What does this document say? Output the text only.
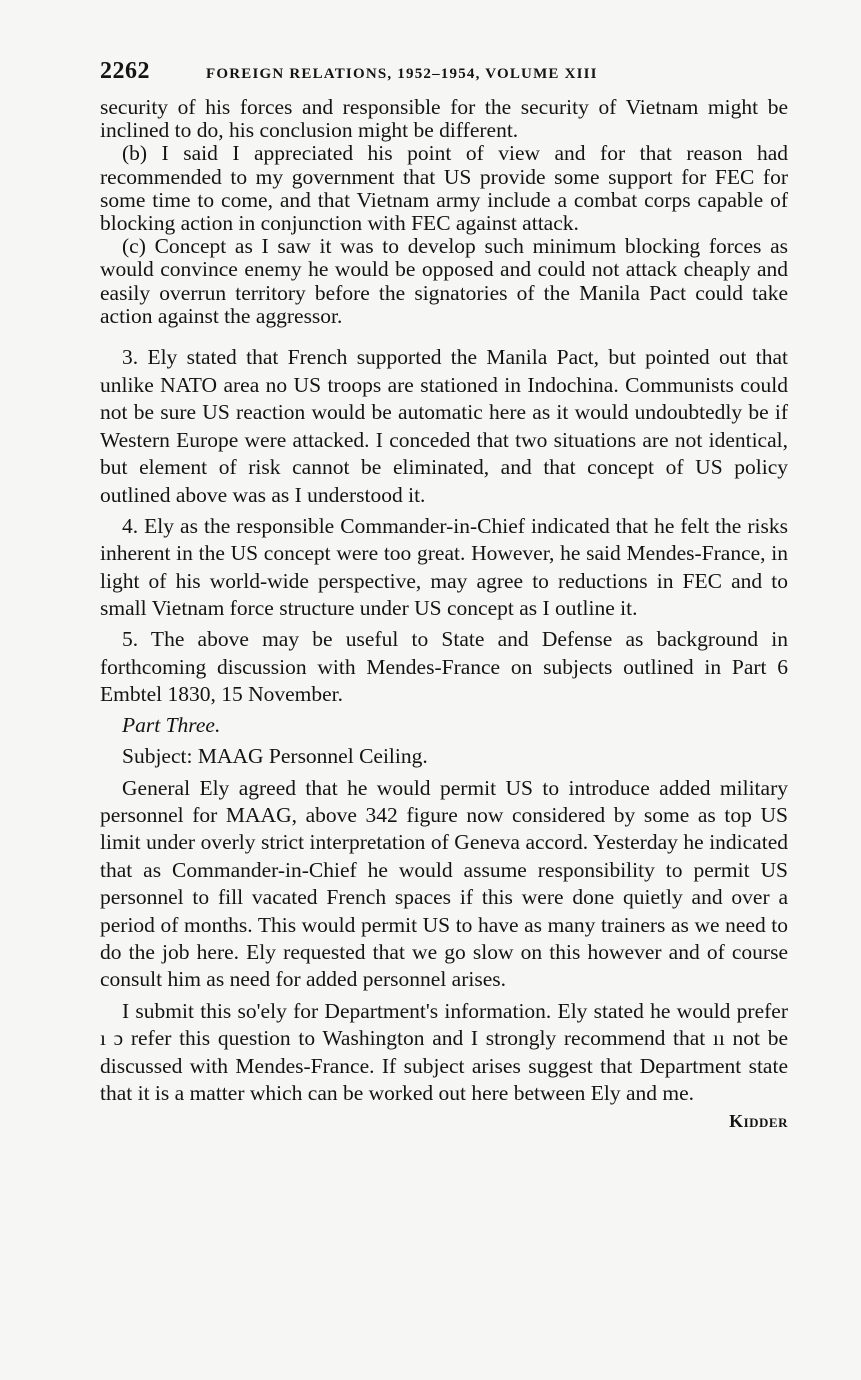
2262	FOREIGN RELATIONS, 1952–1954, VOLUME XIII

security of his forces and responsible for the security of Vietnam might be inclined to do, his conclusion might be different.

(b) I said I appreciated his point of view and for that reason had recommended to my government that US provide some support for FEC for some time to come, and that Vietnam army include a combat corps capable of blocking action in conjunction with FEC against attack.

(c) Concept as I saw it was to develop such minimum blocking forces as would convince enemy he would be opposed and could not attack cheaply and easily overrun territory before the signatories of the Manila Pact could take action against the aggressor.

3. Ely stated that French supported the Manila Pact, but pointed out that unlike NATO area no US troops are stationed in Indochina. Communists could not be sure US reaction would be automatic here as it would undoubtedly be if Western Europe were attacked. I conceded that two situations are not identical, but element of risk cannot be eliminated, and that concept of US policy outlined above was as I understood it.

4. Ely as the responsible Commander-in-Chief indicated that he felt the risks inherent in the US concept were too great. However, he said Mendes-France, in light of his world-wide perspective, may agree to reductions in FEC and to small Vietnam force structure under US concept as I outline it.

5. The above may be useful to State and Defense as background in forthcoming discussion with Mendes-France on subjects outlined in Part 6 Embtel 1830, 15 November.

Part Three.

Subject: MAAG Personnel Ceiling.

General Ely agreed that he would permit US to introduce added military personnel for MAAG, above 342 figure now considered by some as top US limit under overly strict interpretation of Geneva accord. Yesterday he indicated that as Commander-in-Chief he would assume responsibility to permit US personnel to fill vacated French spaces if this were done quietly and over a period of months. This would permit US to have as many trainers as we need to do the job here. Ely requested that we go slow on this however and of course consult him as need for added personnel arises.

I submit this so'ely for Department's information. Ely stated he would prefer ı ɔ refer this question to Washington and I strongly recommend that ıı not be discussed with Mendes-France. If subject arises suggest that Department state that it is a matter which can be worked out here between Ely and me.

Kidder
